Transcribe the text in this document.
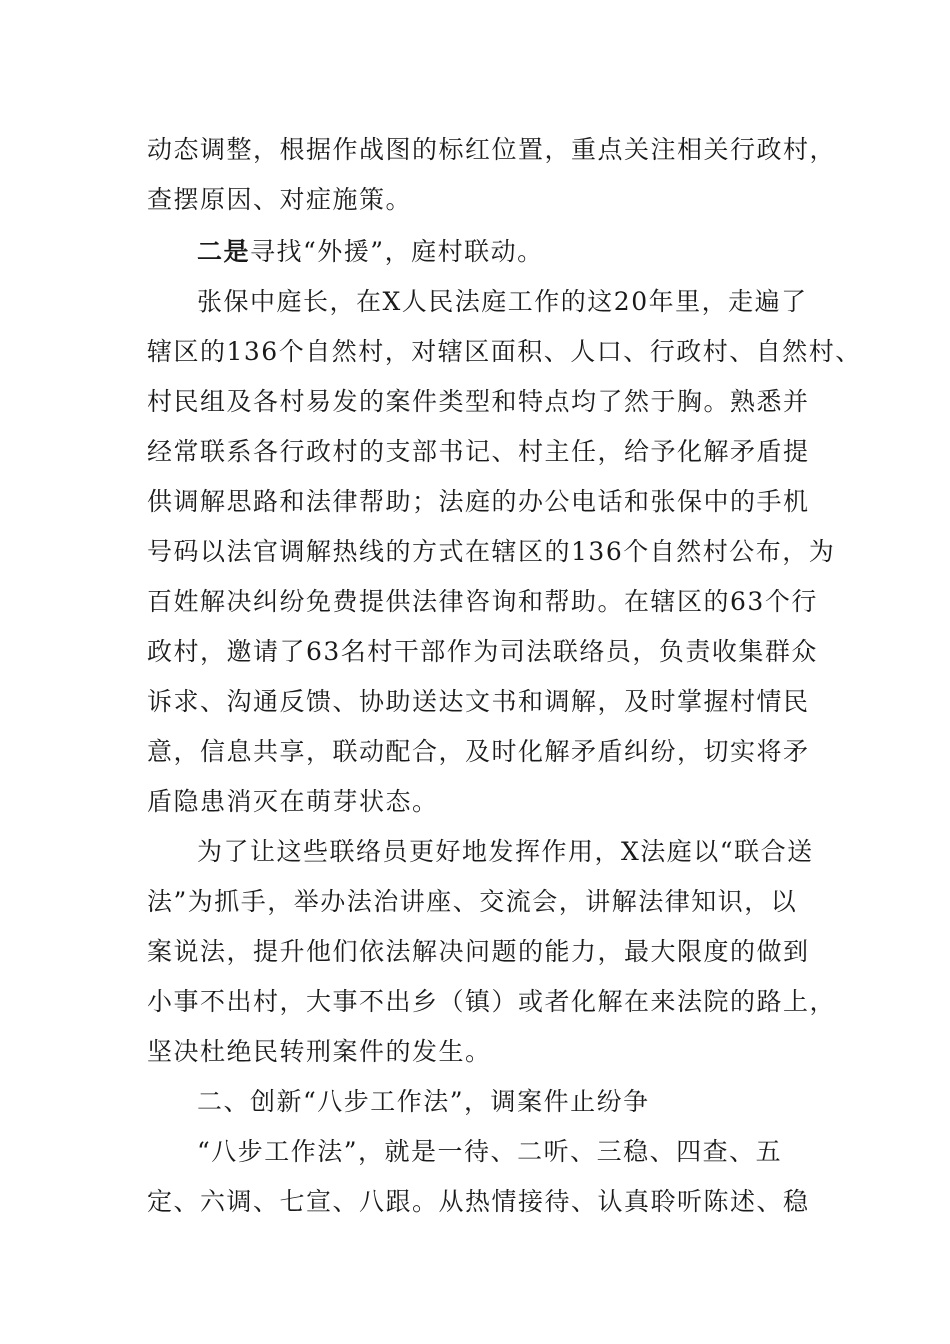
动态调整，根据作战图的标红位置，重点关注相关行政村，
查摆原因、对症施策。
二是寻找“外援”，庭村联动。
张保中庭长，在X人民法庭工作的这20年里，走遍了
辖区的136个自然村，对辖区面积、人口、行政村、自然村、
村民组及各村易发的案件类型和特点均了然于胸。熟悉并
经常联系各行政村的支部书记、村主任，给予化解矛盾提
供调解思路和法律帮助；法庭的办公电话和张保中的手机
号码以法官调解热线的方式在辖区的136个自然村公布，为
百姓解决纠纷免费提供法律咨询和帮助。在辖区的63个行
政村，邀请了63名村干部作为司法联络员，负责收集群众
诉求、沟通反馈、协助送达文书和调解，及时掌握村情民
意，信息共享，联动配合，及时化解矛盾纠纷，切实将矛
盾隐患消灭在萌芽状态。
为了让这些联络员更好地发挥作用，X法庭以“联合送
法”为抓手，举办法治讲座、交流会，讲解法律知识，以
案说法，提升他们依法解决问题的能力，最大限度的做到
小事不出村，大事不出乡（镇）或者化解在来法院的路上，
坚决杜绝民转刑案件的发生。
二、创新“八步工作法”，调案件止纷争
“八步工作法”，就是一待、二听、三稳、四查、五
定、六调、七宣、八跟。从热情接待、认真聆听陈述、稳
